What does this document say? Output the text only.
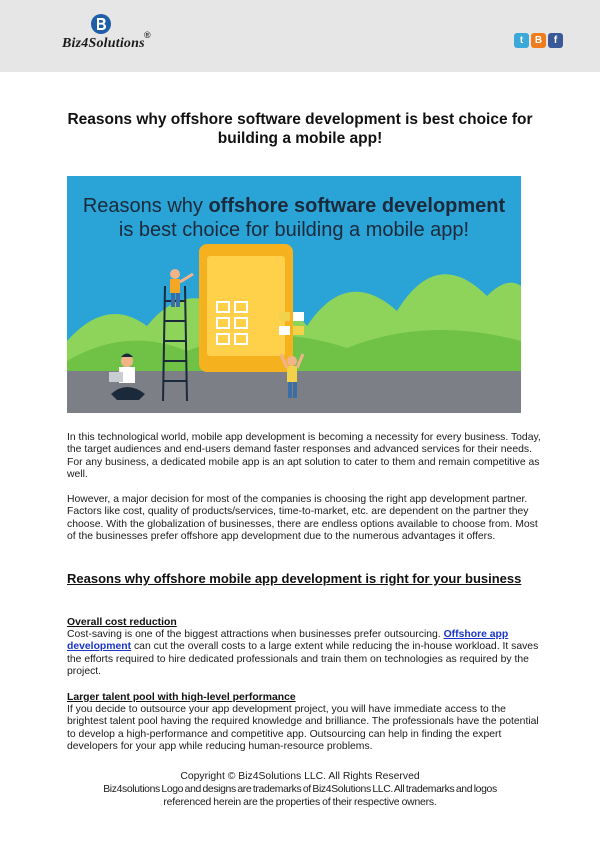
Biz4Solutions
®	t	B	f
Reasons why offshore software development is best choice for building a mobile app!
Reasons why offshore software development
is best choice for building a mobile app!

In this technological world, mobile app development is becoming a necessity for every business. Today, the target audiences and end-users demand faster responses and advanced services for their needs. For any business, a dedicated mobile app is an apt solution to cater to them and remain competitive as well.

However, a major decision for most of the companies is choosing the right app development partner. Factors like cost, quality of products/services, time-to-market, etc. are dependent on the partner they choose. With the globalization of businesses, there are endless options available to choose from. Most of the businesses prefer offshore app development due to the numerous advantages it offers.

Reasons why offshore mobile app development is right for your business
Overall cost reduction

Cost-saving is one of the biggest attractions when businesses prefer outsourcing. Offshore app development can cut the overall costs to a large extent while reducing the in-house workload. It saves the efforts required to hire dedicated professionals and train them on technologies as required by the project.

Larger talent pool with high-level performance

If you decide to outsource your app development project, you will have immediate access to the brightest talent pool having the required knowledge and brilliance. The professionals have the potential to develop a high-performance and competitive app. Outsourcing can help in finding the expert developers for your app while reducing human-resource problems.

Copyright © Biz4Solutions LLC. All Rights Reserved
Biz4solutions Logo and designs are trademarks of Biz4Solutions LLC. All trademarks and logos
referenced herein are the properties of their respective owners.
